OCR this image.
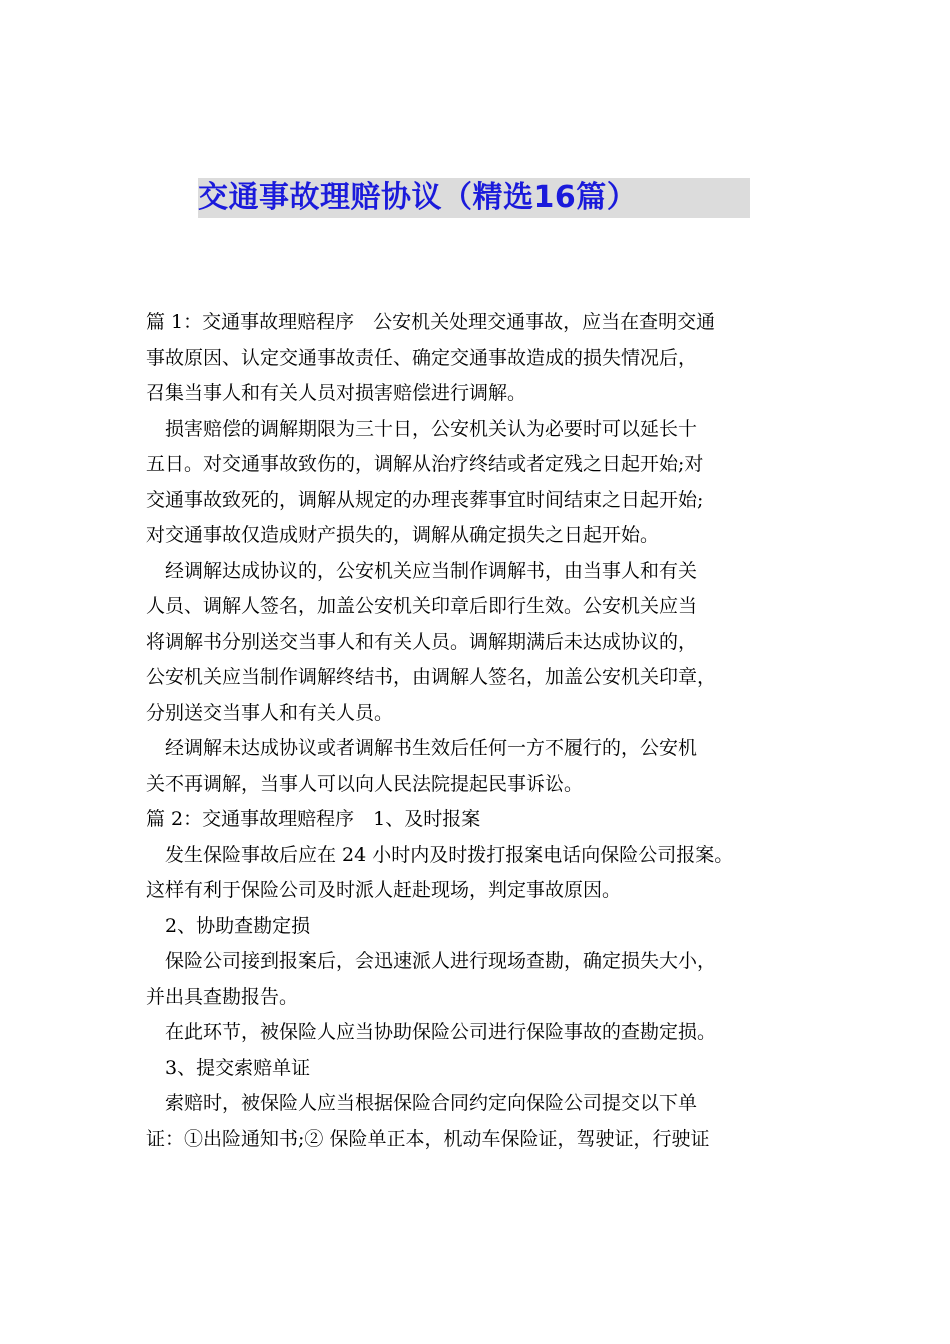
交通事故理赔协议（精选16篇）
篇 1：交通事故理赔程序　公安机关处理交通事故，应当在查明交通
事故原因、认定交通事故责任、确定交通事故造成的损失情况后，
召集当事人和有关人员对损害赔偿进行调解。
　损害赔偿的调解期限为三十日，公安机关认为必要时可以延长十
五日。对交通事故致伤的，调解从治疗终结或者定残之日起开始;对
交通事故致死的，调解从规定的办理丧葬事宜时间结束之日起开始;
对交通事故仅造成财产损失的，调解从确定损失之日起开始。
　经调解达成协议的，公安机关应当制作调解书，由当事人和有关
人员、调解人签名，加盖公安机关印章后即行生效。公安机关应当
将调解书分别送交当事人和有关人员。调解期满后未达成协议的，
公安机关应当制作调解终结书，由调解人签名，加盖公安机关印章，
分别送交当事人和有关人员。
　经调解未达成协议或者调解书生效后任何一方不履行的，公安机
关不再调解，当事人可以向人民法院提起民事诉讼。
篇 2：交通事故理赔程序　1、及时报案
　发生保险事故后应在 24 小时内及时拨打报案电话向保险公司报案。
这样有利于保险公司及时派人赶赴现场，判定事故原因。
　2、协助查勘定损
　保险公司接到报案后，会迅速派人进行现场查勘，确定损失大小，
并出具查勘报告。
　在此环节，被保险人应当协助保险公司进行保险事故的查勘定损。
　3、提交索赔单证
　索赔时，被保险人应当根据保险合同约定向保险公司提交以下单
证：①出险通知书;② 保险单正本，机动车保险证，驾驶证，行驶证
